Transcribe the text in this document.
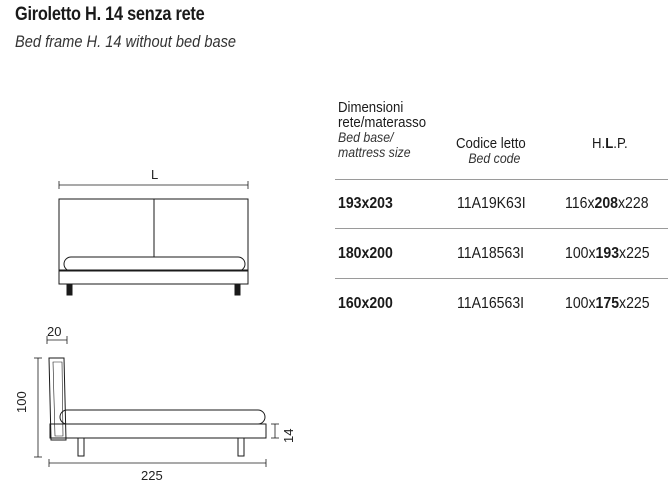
Giroletto H. 14 senza rete
Bed frame H. 14 without bed base
L
20
100
14
225
Dimensioni
rete/materasso
Bed base/
mattress size	Codice letto
Bed code
H.L.P.
193x203	11A19K63I 116x208x228
180x200	11A18563I	100x193x225
160x200	11A16563I	100x175x225
